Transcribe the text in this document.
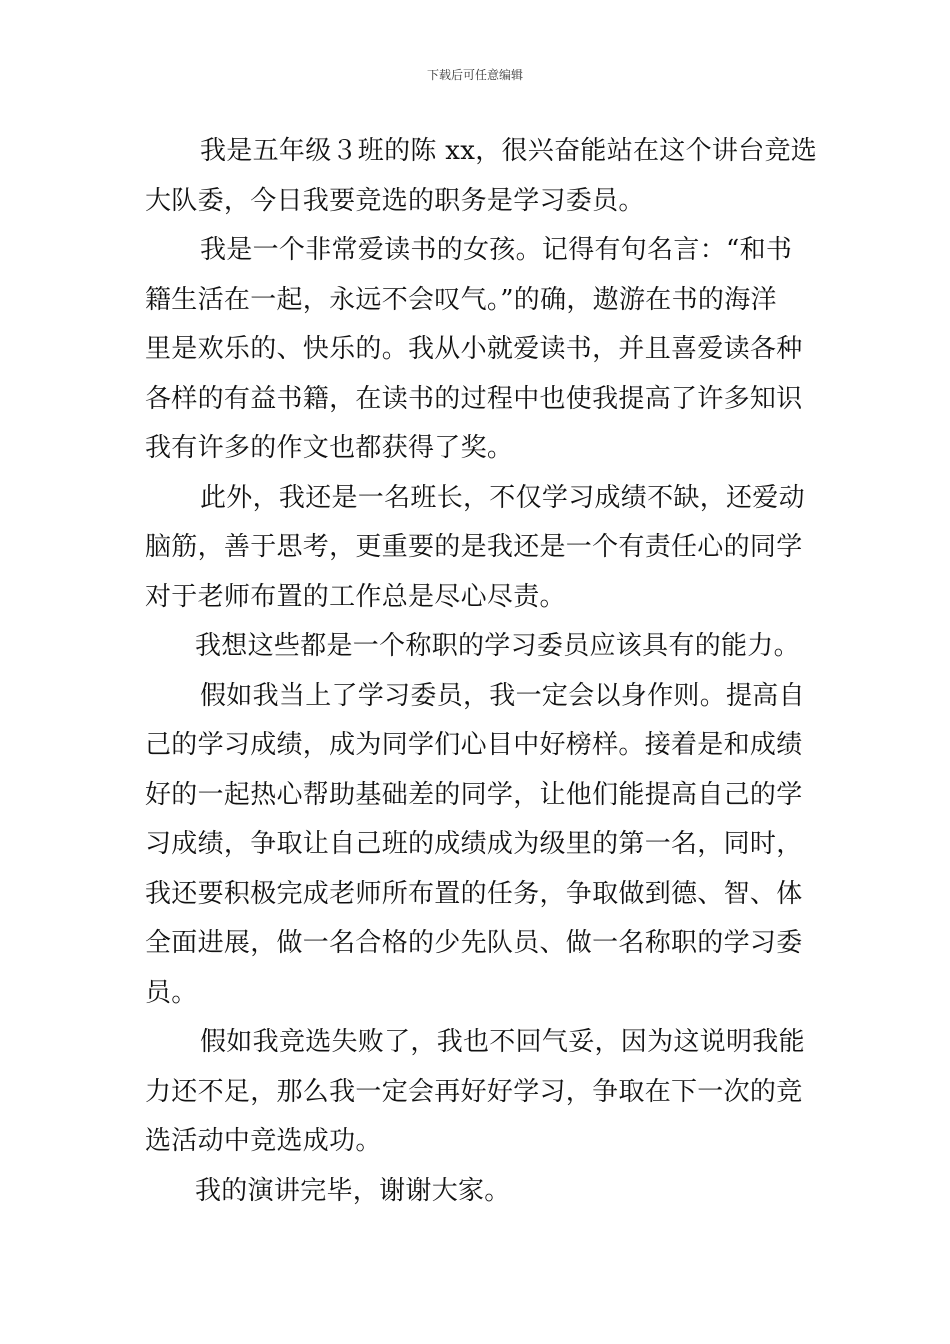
下载后可任意编辑
我是五年级３班的陈 xx，很兴奋能站在这个讲台竞选
大队委，今日我要竞选的职务是学习委员。
我是一个非常爱读书的女孩。记得有句名言：“和书
籍生活在一起，永远不会叹气。”的确，遨游在书的海洋
里是欢乐的、快乐的。我从小就爱读书，并且喜爱读各种
各样的有益书籍，在读书的过程中也使我提高了许多知识
我有许多的作文也都获得了奖。
此外，我还是一名班长，不仅学习成绩不缺，还爱动
脑筋，善于思考，更重要的是我还是一个有责任心的同学
对于老师布置的工作总是尽心尽责。
我想这些都是一个称职的学习委员应该具有的能力。
假如我当上了学习委员，我一定会以身作则。提高自
己的学习成绩，成为同学们心目中好榜样。接着是和成绩
好的一起热心帮助基础差的同学，让他们能提高自己的学
习成绩，争取让自己班的成绩成为级里的第一名，同时，
我还要积极完成老师所布置的任务，争取做到德、智、体
全面进展，做一名合格的少先队员、做一名称职的学习委
员。
假如我竞选失败了，我也不回气妥，因为这说明我能
力还不足，那么我一定会再好好学习，争取在下一次的竞
选活动中竞选成功。
我的演讲完毕，谢谢大家。
